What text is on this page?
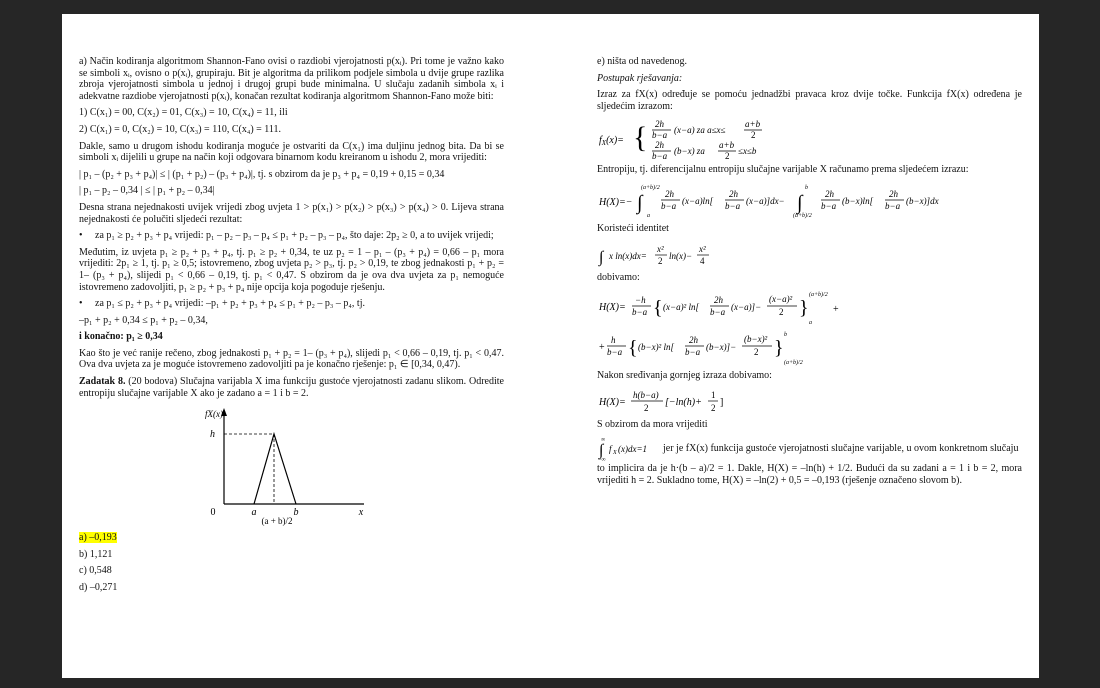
a) Način kodiranja algoritmom Shannon-Fano ovisi o razdiobi vjerojatnosti p(xᵢ). Pri tome je važno kako se simboli xᵢ, ovisno o p(xᵢ), grupiraju. Bit je algoritma da prilikom podjele simbola u dvije grupe razlika zbroja vjerojatnosti simbola u jednoj i drugoj grupi bude minimalna. U slučaju zadanih simbola xᵢ i adekvatne razdiobe vjerojatnosti p(xᵢ), konačan rezultat kodiranja algoritmom Shannon-Fano može biti:

1) C(x₁) = 00, C(x₂) = 01, C(x₃) = 10, C(x₄) = 11, ili

2) C(x₁) = 0, C(x₂) = 10, C(x₃) = 110, C(x₄) = 111.

Dakle, samo u drugom ishodu kodiranja moguće je ostvariti da C(x₁) ima duljinu jednog bita. Da bi se simboli xᵢ dijelili u grupe na način koji odgovara binarnom kodu kreiranom u ishodu 2, mora vrijediti:

| p₁ – (p₂ + p₃ + p₄)| ≤ | (p₁ + p₂) – (p₃ + p₄)|, tj. s obzirom da je p₃ + p₄ = 0,19 + 0,15 = 0,34

| p₁ – p₂ – 0,34 | ≤ | p₁ + p₂ – 0,34|

Desna strana nejednakosti uvijek vrijedi zbog uvjeta 1 > p(x₁) > p(x₂) > p(x₃) > p(x₄) > 0. Lijeva strana nejednakosti će polučiti sljedeći rezultat:

• za p₁ ≥ p₂ + p₃ + p₄ vrijedi: p₁ – p₂ – p₃ – p₄ ≤ p₁ + p₂ – p₃ – p₄, što daje: 2p₂ ≥ 0, a to uvijek vrijedi;

Međutim, iz uvjeta p₁ ≥ p₂ + p₃ + p₄, tj. p₁ ≥ p₂ + 0,34, te uz p₂ = 1 – p₁ – (p₃ + p₄) = 0,66 – p₁ mora vrijediti: 2p₁ ≥ 1, tj. p₁ ≥ 0,5; istovremeno, zbog uvjeta p₂ > p₃, tj. p₂ > 0,19, te zbog jednakosti p₁ + p₂ = 1– (p₃ + p₄), slijedi p₁ < 0,66 – 0,19, tj. p₁ < 0,47. S obzirom da je ova dva uvjeta za p₁ nemoguće istovremeno zadovoljiti, p₁ ≥ p₂ + p₃ + p₄ nije opcija koja pogoduje rješenju.

• za p₁ ≤ p₂ + p₃ + p₄ vrijedi: –p₁ + p₂ + p₃ + p₄ ≤ p₁ + p₂ – p₃ – p₄, tj.

–p₁ + p₂ + 0,34 ≤ p₁ + p₂ – 0,34,

i konačno: p₁ ≥ 0,34

Kao što je već ranije rečeno, zbog jednakosti p₁ + p₂ = 1– (p₃ + p₄), slijedi p₁ < 0,66 – 0,19, tj. p₁ < 0,47. Ova dva uvjeta za je moguće istovremeno zadovoljiti pa je konačno rješenje: p₁ ∈ [0,34, 0,47).

Zadatak 8. (20 bodova) Slučajna varijabla X ima funkciju gustoće vjerojatnosti zadanu slikom. Odredite entropiju slučajne varijable X ako je zadano a = 1 i b = 2.

fX(x)
h
0	a	b	x
(a + b)/2
a) –0,193
b) 1,121
c) 0,548
d) –0,271

e) ništa od navedenog.

Postupak rješavanja:

Izraz za fX(x) određuje se pomoću jednadžbi pravaca kroz dvije točke. Funkcija fX(x) određena je sljedećim izrazom:

$f_X(x)=$ { 2h
b−a (x−a) za a≤x≤
a+b
2
2h
b−a (b−x) za
a+b
2 ≤x≤b

Entropiju, tj. diferencijalnu entropiju slučajne varijable X računamo prema sljedećem izrazu:

H(X)=− ∫
(a+b)/2
a
2h
b−a (x−a)ln[
2h
b−a (x−a)]dx− ∫
b
(a+b)/2
2h
b−a (b−x)ln[
2h
b−a (b−x)]dx

Koristeći identitet

∫ x ln(x)dx=
x²
2 ln(x)−
x²
4

dobivamo:

H(X)=
−h
b−a { (x−a)² ln[
2h
b−a (x−a)]−
(x−a)²
2 }
(a+b)/2
a
+
+
h
b−a { (b−x)² ln[
2h
b−a (b−x)]−
(b−x)²
2 }
b
(a+b)/2

Nakon sređivanja gornjeg izraza dobivamo:

H(X)=
h(b−a)
2 [−ln(h)+
1
2 ]

S obzirom da mora vrijediti

∫
∞
−∞
f X (x)dx=1 jer je fX(x) funkcija gustoće vjerojatnosti slučajne varijable, u ovom konkretnom slučaju

to implicira da je h·(b – a)/2 = 1. Dakle, H(X) = –ln(h) + 1/2. Budući da su zadani a = 1 i b = 2, mora vrijediti h = 2. Sukladno tome, H(X) = –ln(2) + 0,5 = –0,193 (rješenje označeno slovom b).
